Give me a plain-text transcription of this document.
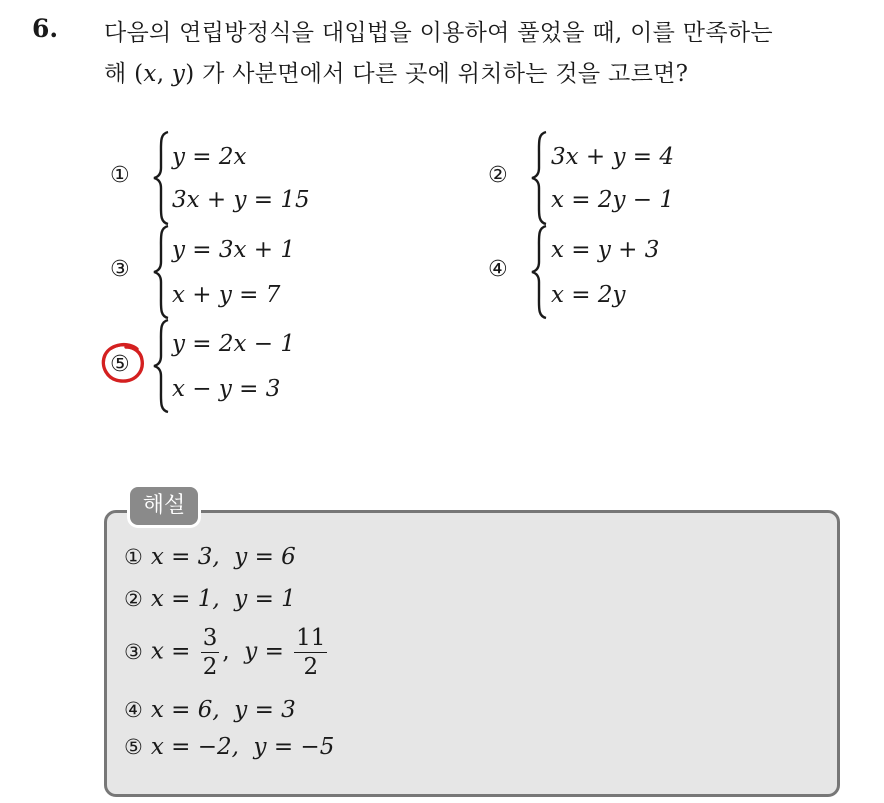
6. 다음의 연립방정식을 대입법을 이용하여 풀었을 때, 이를 만족하는
해 (x, y) 가 사분면에서 다른 곳에 위치하는 것을 고르면?
①
y = 2x
3x + y = 15
②
3x + y = 4
x = 2y − 1
③
y = 3x + 1
x + y = 7
④
x = y + 3
x = 2y
⑤
y = 2x − 1
x − y = 3
해설
① x = 3, y = 6
② x = 1, y = 1
③ $x = \frac{3}{2}$ , $y = \frac{11}{2}$
④ x = 6, y = 3
⑤ x = −2, y = −5
